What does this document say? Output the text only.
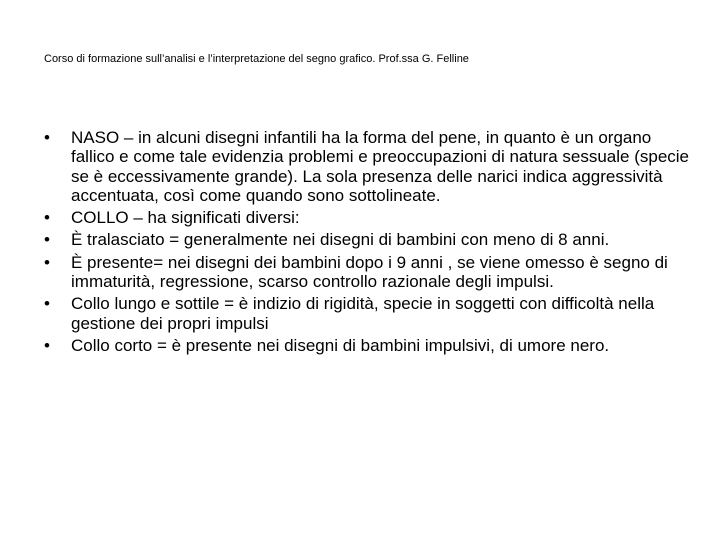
Corso di formazione sull’analisi e l’interpretazione del segno grafico. Prof.ssa G. Felline
•	NASO – in alcuni disegni infantili ha la forma del pene, in quanto è un organo fallico e come tale evidenzia problemi e preoccupazioni di natura sessuale (specie se è eccessivamente grande). La sola presenza delle narici indica aggressività accentuata, così come quando sono sottolineate.
•	COLLO – ha significati diversi:
•	È tralasciato = generalmente nei disegni di bambini con meno di 8 anni.
•	È presente= nei disegni dei bambini dopo i 9 anni , se viene omesso è segno di immaturità, regressione, scarso controllo razionale degli impulsi.
•	Collo lungo e sottile = è indizio di rigidità, specie in soggetti con difficoltà nella gestione dei propri impulsi
•	Collo corto = è presente nei disegni di bambini impulsivi, di umore nero.
